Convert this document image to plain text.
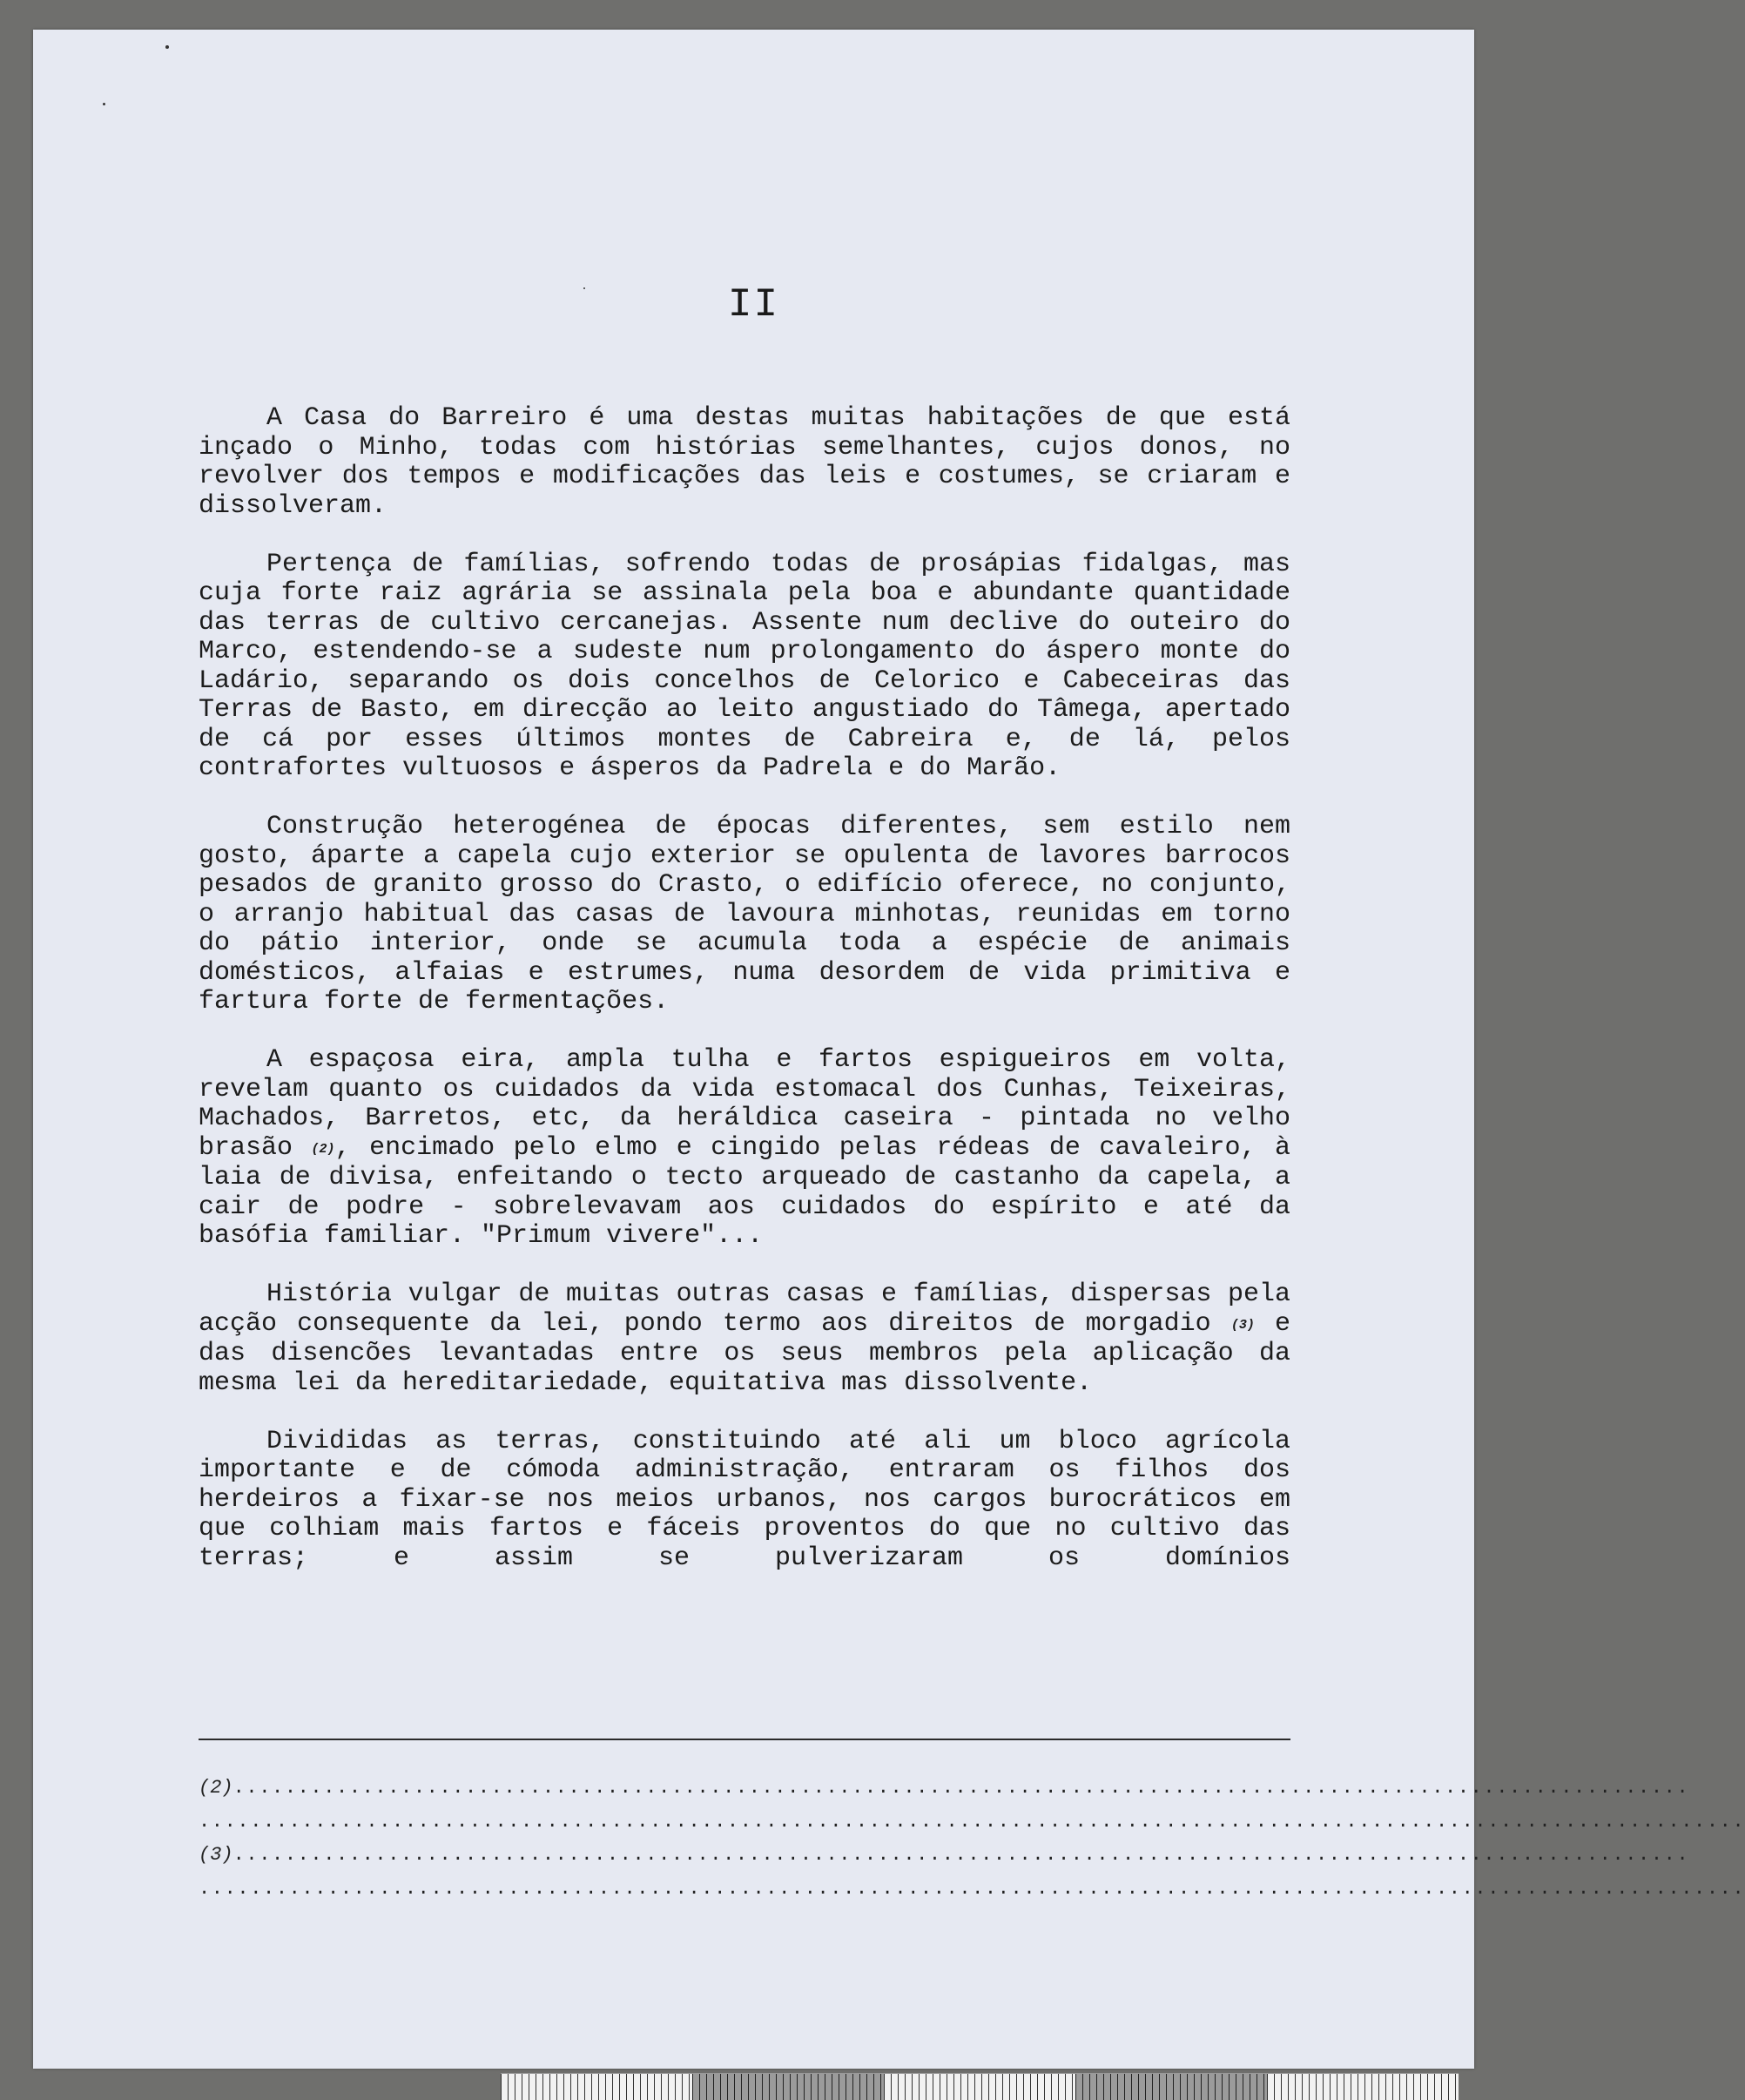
II

A Casa do Barreiro é uma destas muitas habitações de que está inçado o Minho, todas com histórias semelhantes, cujos donos, no revolver dos tempos e modificações das leis e costumes, se criaram e dissolveram.

Pertença de famílias, sofrendo todas de prosápias fidalgas, mas cuja forte raiz agrária se assinala pela boa e abundante quantidade das terras de cultivo cercanejas. Assente num declive do outeiro do Marco, estendendo-se a sudeste num prolongamento do áspero monte do Ladário, separando os dois concelhos de Celorico e Cabeceiras das Terras de Basto, em direcção ao leito angustiado do Tâmega, apertado de cá por esses últimos montes de Cabreira e, de lá, pelos contrafortes vultuosos e ásperos da Padrela e do Marão.

Construção heterogénea de épocas diferentes, sem estilo nem gosto, áparte a capela cujo exterior se opulenta de lavores barrocos pesados de granito grosso do Crasto, o edifício oferece, no conjunto, o arranjo habitual das casas de lavoura minhotas, reunidas em torno do pátio interior, onde se acumula toda a espécie de animais domésticos, alfaias e estrumes, numa desordem de vida primitiva e fartura forte de fermentações.

A espaçosa eira, ampla tulha e fartos espigueiros em volta, revelam quanto os cuidados da vida estomacal dos Cunhas, Teixeiras, Machados, Barretos, etc, da heráldica caseira - pintada no velho brasão (2), encimado pelo elmo e cingido pelas rédeas de cavaleiro, à laia de divisa, enfeitando o tecto arqueado de castanho da capela, a cair de podre - sobrelevavam aos cuidados do espírito e até da basófia familiar. "Primum vivere"...

História vulgar de muitas outras casas e famílias, dispersas pela acção consequente da lei, pondo termo aos direitos de morgadio (3) e das disencões levantadas entre os seus membros pela aplicação da mesma lei da hereditariedade, equitativa mas dissolvente.

Divididas as terras, constituindo até ali um bloco agrícola importante e de cómoda administração, entraram os filhos dos herdeiros a fixar-se nos meios urbanos, nos cargos burocráticos em que colhiam mais fartos e fáceis proventos do que no cultivo das terras; e assim se pulverizaram os domínios

(2).................................................................................................................
........................................................................................................................
(3).................................................................................................................
........................................................................................................................
